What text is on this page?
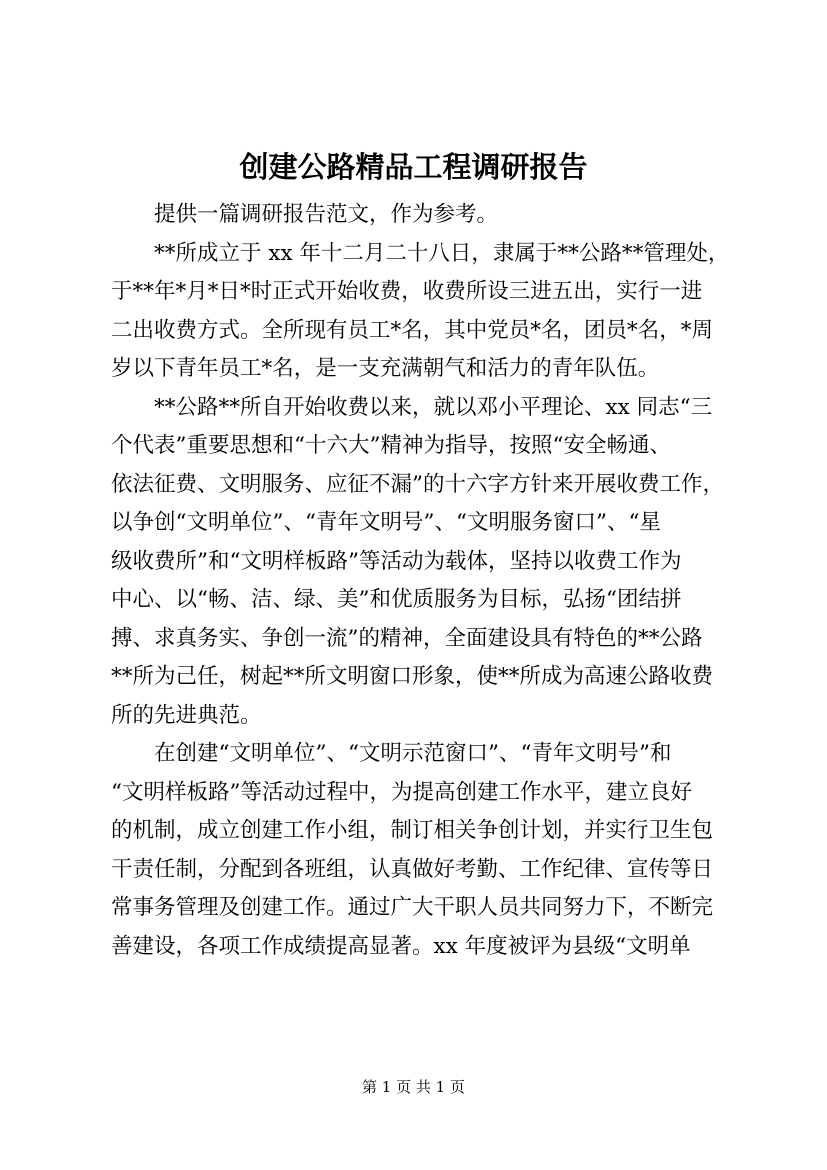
创建公路精品工程调研报告
提供一篇调研报告范文，作为参考。
**所成立于 xx 年十二月二十八日，隶属于**公路**管理处，
于**年*月*日*时正式开始收费，收费所设三进五出，实行一进
二出收费方式。全所现有员工*名，其中党员*名，团员*名，*周
岁以下青年员工*名，是一支充满朝气和活力的青年队伍。
**公路**所自开始收费以来，就以邓小平理论、xx 同志“三
个代表”重要思想和“十六大”精神为指导，按照“安全畅通、
依法征费、文明服务、应征不漏”的十六字方针来开展收费工作，
以争创“文明单位”、“青年文明号”、“文明服务窗口”、“星
级收费所”和“文明样板路”等活动为载体，坚持以收费工作为
中心、以“畅、洁、绿、美”和优质服务为目标，弘扬“团结拼
搏、求真务实、争创一流”的精神，全面建设具有特色的**公路
**所为己任，树起**所文明窗口形象，使**所成为高速公路收费
所的先进典范。
在创建“文明单位”、“文明示范窗口”、“青年文明号”和
“文明样板路”等活动过程中，为提高创建工作水平，建立良好
的机制，成立创建工作小组，制订相关争创计划，并实行卫生包
干责任制，分配到各班组，认真做好考勤、工作纪律、宣传等日
常事务管理及创建工作。通过广大干职人员共同努力下，不断完
善建设，各项工作成绩提高显著。xx 年度被评为县级“文明单
第 1 页 共 1 页
